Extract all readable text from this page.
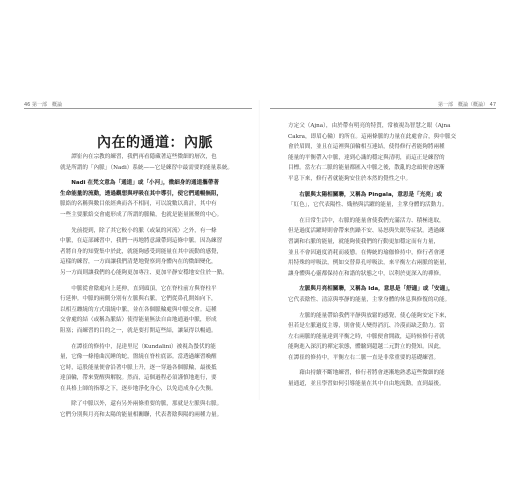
46 第一部　概論
內在的通道：內脈
　　譚崔內在宗教的練習，我們再看隱藏著這些微細的層次，也
就是所謂的「內脈」（Nadi）系統——它是練習中最需要的能量系統。
　　Nadi 在梵文意為「通道」或「小河」，微細身的通道攜帶著
生命能量的流動，透過觀想與呼吸在其中導引，使它們通暢無阻，
脈絡的名稱與數目依經典而各不相同，可以說數以萬計，其中有
一些主要脈絡交會處形成了所謂的脈輪，也就是能量匯聚的中心。
　　先前提到，除了其它較小的脈（或氣的河流）之外，有一條
中脈，在這部練習中，我們一再地將意識帶到這條中脈。因為練習
者將自身的知覺集中於此，就能夠感受到能量在其中流動的感覺，
這樣的練習，一方面讓我們清楚地覺察到身體內在的微細變化，
另一方面則讓我們的心能夠更加專注、更加平靜安穩地安住於一點。
　　中脈從會陰處向上延伸，直到頭頂，它在脊柱前方與脊柱平
行延伸。中脈的兩側分別有左脈與右脈，它們從鼻孔開始向下，
以相互纏繞的方式環繞中脈，並在各個脈輪處與中脈交會。這種
交會處的結（或稱為脈結）使得能量無法自由地通過中脈，形成
阻塞；而練習的目的之一，就是要打開這些結，讓氣得以暢通。
　　在譚崔的修持中，昆達里尼（Kundalini）被視為蟄伏的能
量，它像一條捲曲沉睡的蛇，盤繞在脊柱底部。當透過練習喚醒
它時，這股能量便會沿著中脈上升，逐一穿過各個脈輪，最後抵
達頂輪，帶來覺醒與解脫。然而，這個過程必須謹慎地進行，要
在具格上師的指導之下，逐步地淨化身心，以免造成身心失衡。
　　除了中脈以外，還有另外兩條重要的脈，那就是左脈與右脈。
它們分別與月亮和太陽的能量相關聯，代表著陰與陽的兩種力量。
第一部　概論（概論） 47
方定父（Ajna），由於帶有明亮的特質，常被視為智慧之眼（Ajna
Cakra，即眉心輪）的所在。這兩條脈的力量在此處會合，與中脈交
會於眉間，並且在這裡與頂輪相互連結，使得修行者能夠將兩種
能量的平衡帶入中脈，達到心識的穩定與清明，而這正是練習的
目標。當左右二脈的能量都匯入中脈之後，散亂的念頭便會逐漸
平息下來，修行者就能夠安住於本然的覺性之中。
　　右脈與太陽相關聯，又稱為 Pingala，意思是「光亮」或
「紅色」，它代表陽性、熾熱與活躍的能量，主掌身體的活動力。
　　在日常生活中，右脈的能量會使我們充滿活力、積極進取，
但是過度活躍時則會帶來焦躁不安、易怒與失眠等症狀。透過練
習調和右脈的能量，就能夠使我們的行動更加穩定而有力量，
並且不會因過度消耗而疲憊。在傳統的瑜伽修持中，修行者會運
用特殊的呼吸法，例如交替鼻孔呼吸法，來平衡左右兩脈的能量，
讓身體與心靈都保持在和諧的狀態之中，以利於更深入的禪修。
　　左脈與月亮相關聯，又稱為 Ida，意思是「舒適」或「安適」，
它代表陰性、清涼與寧靜的能量，主掌身體的休息與修復的功能。
　　左脈的能量帶給我們平靜與放鬆的感覺，使心能夠安定下來，
但若是左脈過度主導，則會使人變得消沉、冷漠而缺乏動力。當
左右兩脈的能量達到平衡之時，中脈便會開啟，這時候修行者就
能夠進入深沉的禪定狀態，體驗到超越二元對立的覺知。因此，
在譚崔的修持中，平衡左右二脈一直是非常重要的基礎練習。
　　藉由持續不斷地練習，修行者將會逐漸地熟悉這些微細的能
量通道，並且學習如何引導能量在其中自由地流動，直到最後。
